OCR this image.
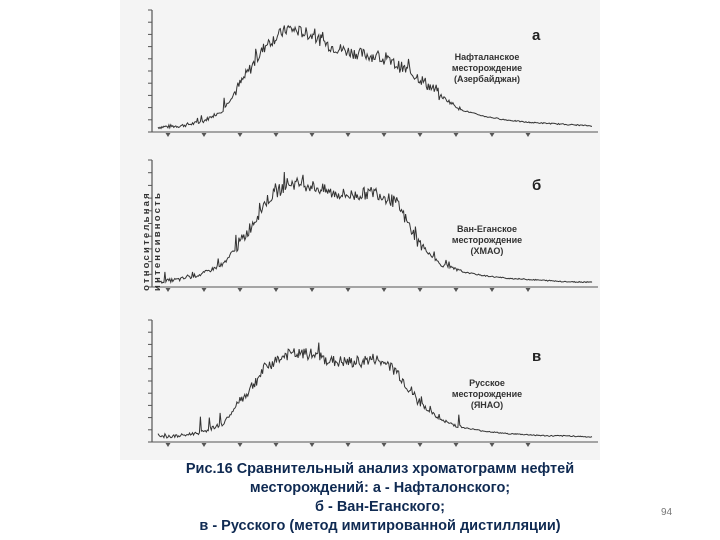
относительная интенсивность
а
Нафталанское
месторождение
(Азербайджан)
б
Ван-Еганское
месторождение
(ХМАО)
в
Русское
месторождение
(ЯНАО)
Рис.16 Сравнительный анализ хроматограмм нефтей
месторождений: а - Нафталонского;
б - Ван-Еганского;
в - Русского (метод имитированной дистилляции)
94
